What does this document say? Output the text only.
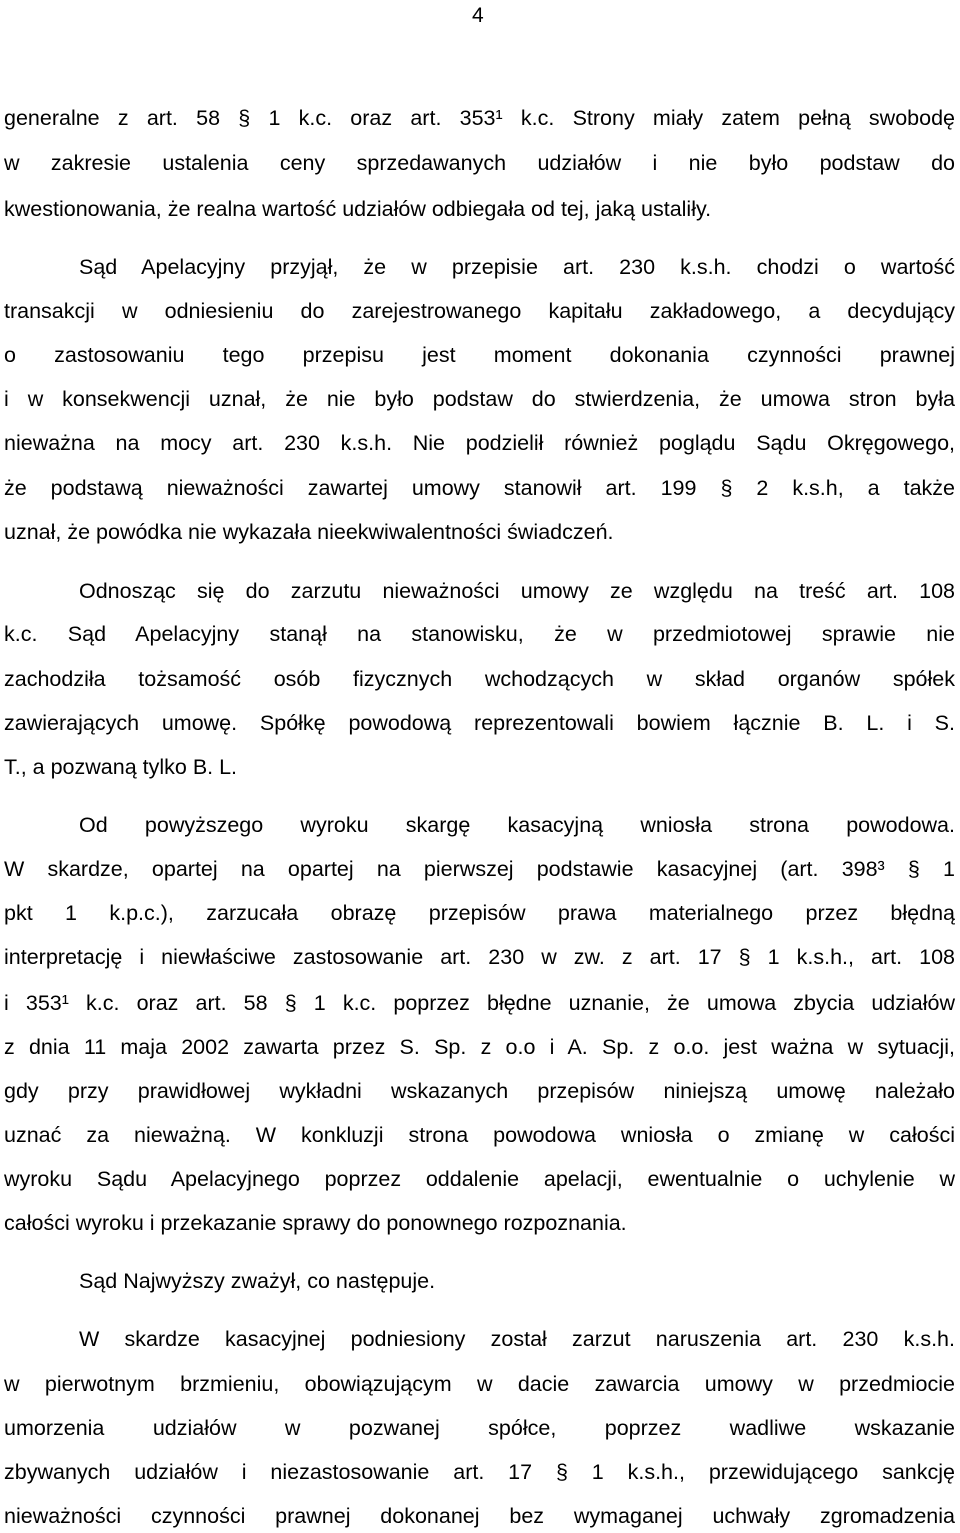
4
generalne z art. 58 § 1 k.c. oraz art. 353¹ k.c. Strony miały zatem pełną swobodę
w zakresie ustalenia ceny sprzedawanych udziałów i nie było podstaw do
kwestionowania, że realna wartość udziałów odbiegała od tej, jaką ustaliły.
Sąd Apelacyjny przyjął, że w przepisie art. 230 k.s.h. chodzi o wartość
transakcji w odniesieniu do zarejestrowanego kapitału zakładowego, a decydujący
o zastosowaniu tego przepisu jest moment dokonania czynności prawnej
i w konsekwencji uznał, że nie było podstaw do stwierdzenia, że umowa stron była
nieważna na mocy art. 230 k.s.h. Nie podzielił również poglądu Sądu Okręgowego,
że podstawą nieważności zawartej umowy stanowił art. 199 § 2 k.s.h, a także
uznał, że powódka nie wykazała nieekwiwalentności świadczeń.
Odnosząc się do zarzutu nieważności umowy ze względu na treść art. 108
k.c. Sąd Apelacyjny stanął na stanowisku, że w przedmiotowej sprawie nie
zachodziła tożsamość osób fizycznych wchodzących w skład organów spółek
zawierających umowę. Spółkę powodową reprezentowali bowiem łącznie B. L. i S.
T., a pozwaną tylko B. L.
Od powyższego wyroku skargę kasacyjną wniosła strona powodowa.
W skardze, opartej na opartej na pierwszej podstawie kasacyjnej (art. 398³ § 1
pkt 1 k.p.c.), zarzucała obrazę przepisów prawa materialnego przez błędną
interpretację i niewłaściwe zastosowanie art. 230 w zw. z art. 17 § 1 k.s.h., art. 108
i 353¹ k.c. oraz art. 58 § 1 k.c. poprzez błędne uznanie, że umowa zbycia udziałów
z dnia 11 maja 2002 zawarta przez S. Sp. z o.o i A. Sp. z o.o. jest ważna w sytuacji,
gdy przy prawidłowej wykładni wskazanych przepisów niniejszą umowę należało
uznać za nieważną. W konkluzji strona powodowa wniosła o zmianę w całości
wyroku Sądu Apelacyjnego poprzez oddalenie apelacji, ewentualnie o uchylenie w
całości wyroku i przekazanie sprawy do ponownego rozpoznania.
Sąd Najwyższy zważył, co następuje.
W skardze kasacyjnej podniesiony został zarzut naruszenia art. 230 k.s.h.
w pierwotnym brzmieniu, obowiązującym w dacie zawarcia umowy w przedmiocie
umorzenia udziałów w pozwanej spółce, poprzez wadliwe wskazanie
zbywanych udziałów i niezastosowanie art. 17 § 1 k.s.h., przewidującego sankcję
nieważności czynności prawnej dokonanej bez wymaganej uchwały zgromadzenia
